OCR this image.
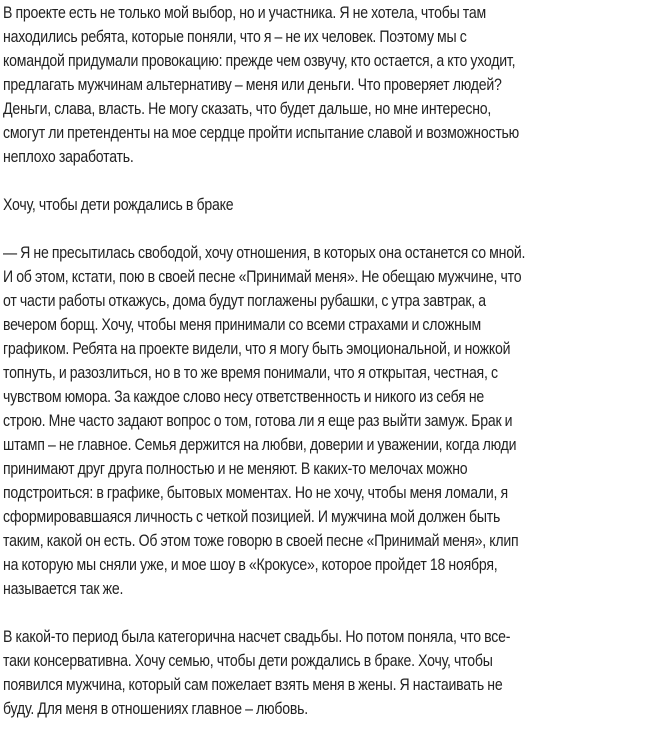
В проекте есть не только мой выбор, но и участника. Я не хотела, чтобы там
находились ребята, которые поняли, что я – не их человек. Поэтому мы с
командой придумали провокацию: прежде чем озвучу, кто остается, а кто уходит,
предлагать мужчинам альтернативу – меня или деньги. Что проверяет людей?
Деньги, слава, власть. Не могу сказать, что будет дальше, но мне интересно,
смогут ли претенденты на мое сердце пройти испытание славой и возможностью
неплохо заработать.

Хочу, чтобы дети рождались в браке

— Я не пресытилась свободой, хочу отношения, в которых она останется со мной.
И об этом, кстати, пою в своей песне «Принимай меня». Не обещаю мужчине, что
от части работы откажусь, дома будут поглажены рубашки, с утра завтрак, а
вечером борщ. Хочу, чтобы меня принимали со всеми страхами и сложным
графиком. Ребята на проекте видели, что я могу быть эмоциональной, и ножкой
топнуть, и разозлиться, но в то же время понимали, что я открытая, честная, с
чувством юмора. За каждое слово несу ответственность и никого из себя не
строю. Мне часто задают вопрос о том, готова ли я еще раз выйти замуж. Брак и
штамп – не главное. Семья держится на любви, доверии и уважении, когда люди
принимают друг друга полностью и не меняют. В каких-то мелочах можно
подстроиться: в графике, бытовых моментах. Но не хочу, чтобы меня ломали, я
сформировавшаяся личность с четкой позицией. И мужчина мой должен быть
таким, какой он есть. Об этом тоже говорю в своей песне «Принимай меня», клип
на которую мы сняли уже, и мое шоу в «Крокусе», которое пройдет 18 ноября,
называется так же.

В какой-то период была категорична насчет свадьбы. Но потом поняла, что все-
таки консервативна. Хочу семью, чтобы дети рождались в браке. Хочу, чтобы
появился мужчина, который сам пожелает взять меня в жены. Я настаивать не
буду. Для меня в отношениях главное – любовь.
